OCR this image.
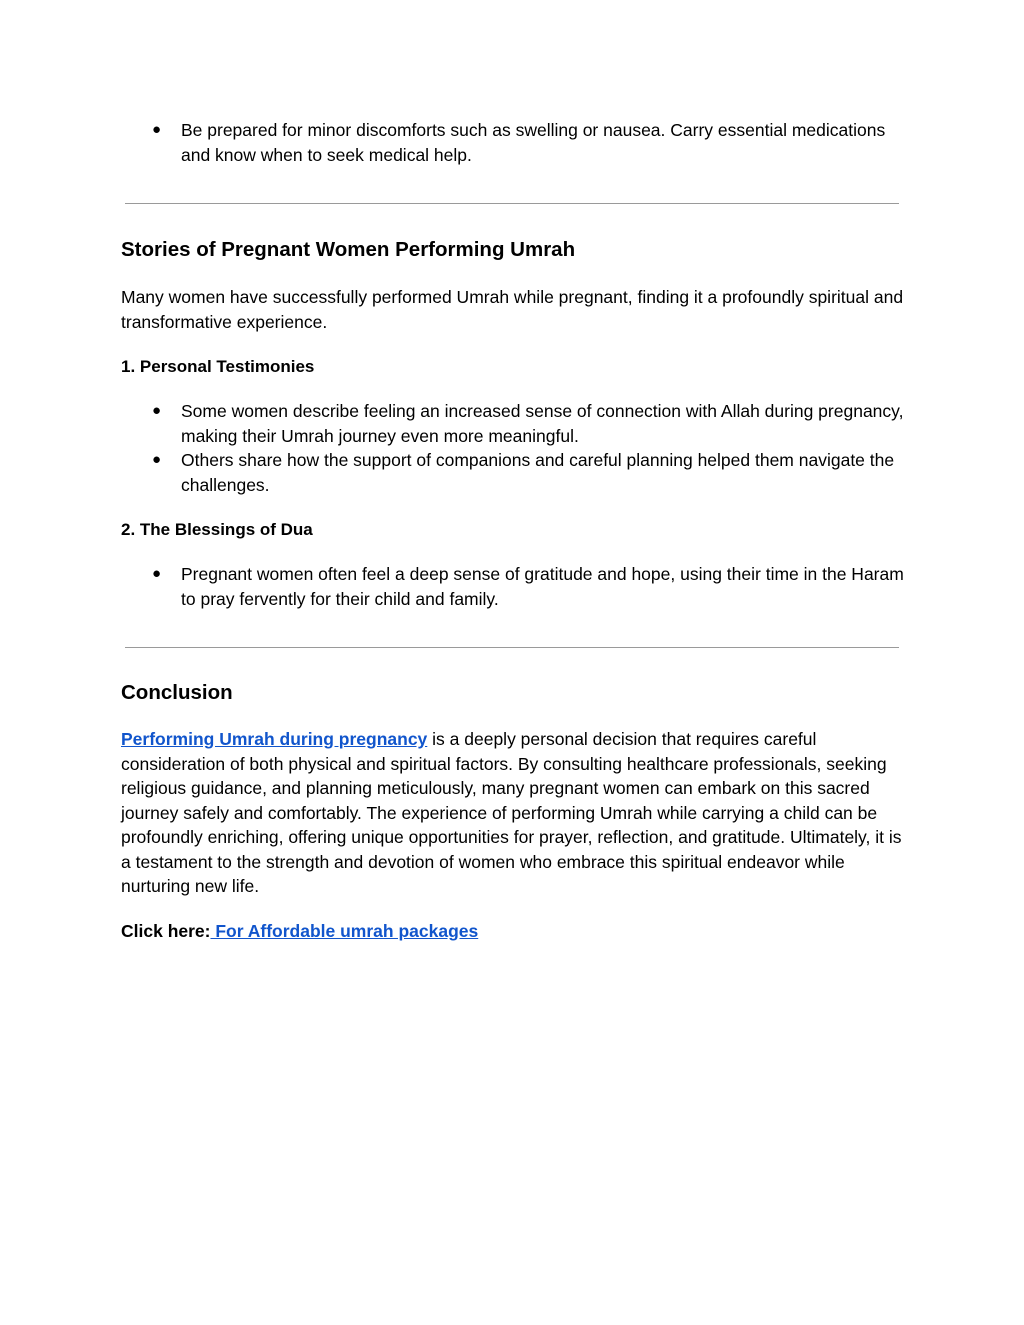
● Be prepared for minor discomforts such as swelling or nausea. Carry essential medications and know when to seek medical help.
Stories of Pregnant Women Performing Umrah

Many women have successfully performed Umrah while pregnant, finding it a profoundly spiritual and transformative experience.

1. Personal Testimonies
● Some women describe feeling an increased sense of connection with Allah during pregnancy, making their Umrah journey even more meaningful.
● Others share how the support of companions and careful planning helped them navigate the challenges.
2. The Blessings of Dua
● Pregnant women often feel a deep sense of gratitude and hope, using their time in the Haram to pray fervently for their child and family.
Conclusion

Performing Umrah during pregnancy is a deeply personal decision that requires careful consideration of both physical and spiritual factors. By consulting healthcare professionals, seeking religious guidance, and planning meticulously, many pregnant women can embark on this sacred journey safely and comfortably. The experience of performing Umrah while carrying a child can be profoundly enriching, offering unique opportunities for prayer, reflection, and gratitude. Ultimately, it is a testament to the strength and devotion of women who embrace this spiritual endeavor while nurturing new life.

Click here: For Affordable umrah packages
